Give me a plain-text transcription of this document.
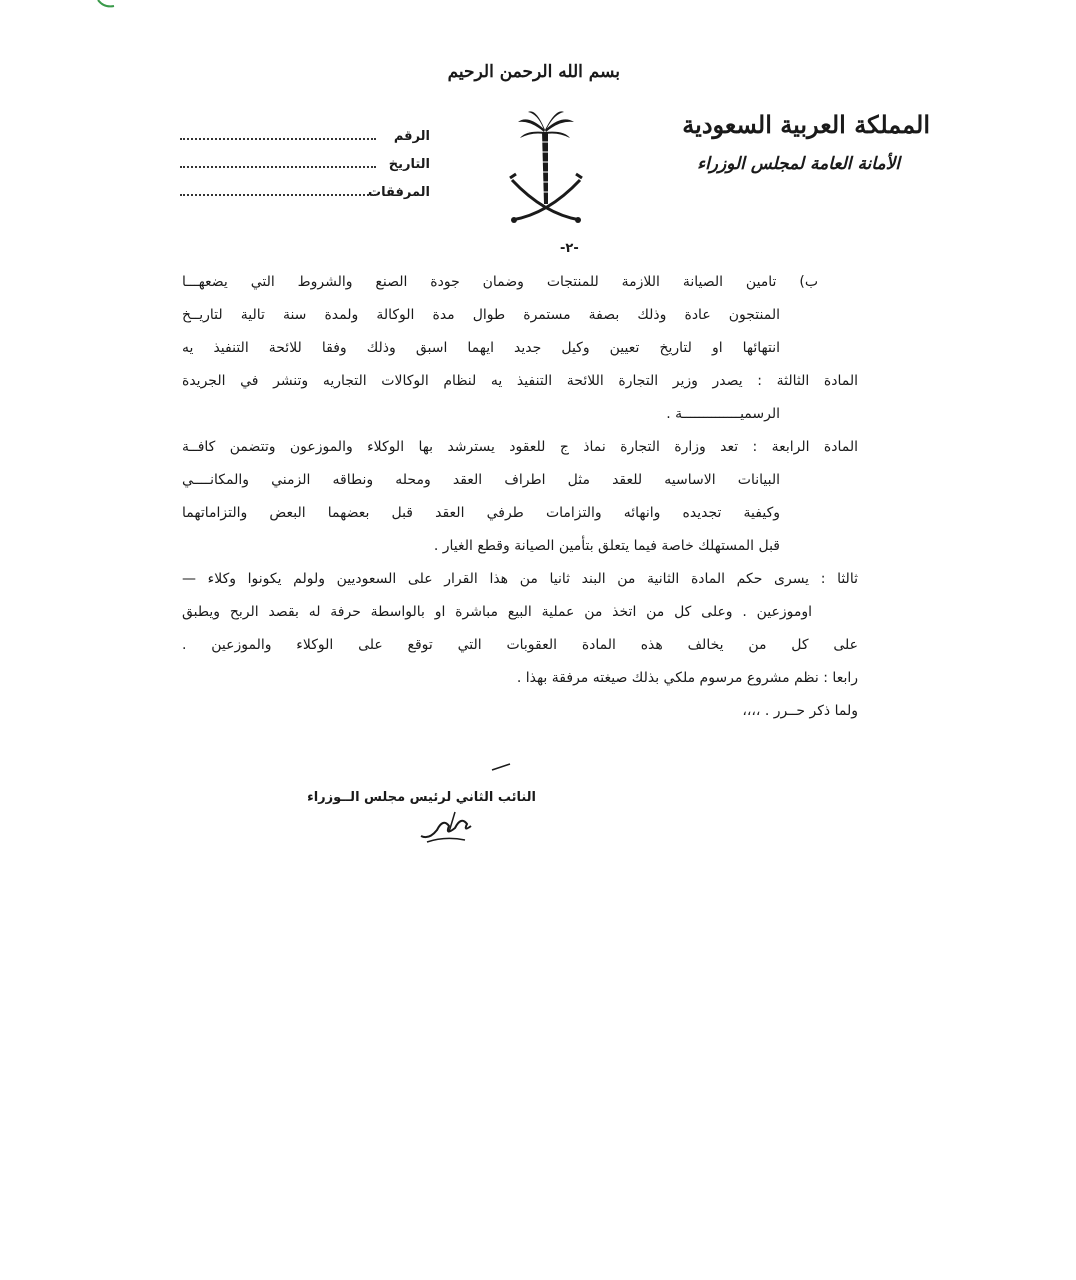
بسم الله الرحمن الرحيم
المملكة العربية السعودية
الأمانة العامة لمجلس الوزراء
الرقم
التاريخ
المرفقات
-٢-
ب) تامين الصيانة اللازمة للمنتجات وضمان جودة الصنع والشروط التي يضعهـــا
المنتجون عادة وذلك بصفة مستمرة طوال مدة الوكالة ولمدة سنة تالية لتاريــخ
انتهائها او لتاريخ تعيين وكيل جديد ايهما اسبق وذلك وفقا للائحة التنفيذ يه
المادة الثالثة : يصدر وزير التجارة اللائحة التنفيذ يه لنظام الوكالات التجاريه وتنشر في الجريدة
الرسميــــــــــــــة .
المادة الرابعة : تعد وزارة التجارة نماذ ج للعقود يسترشد بها الوكلاء والموزعون وتتضمن كافــة
البيانات الاساسيه للعقد مثل اطراف العقد ومحله ونطاقه الزمني والمكانــــي
وكيفية تجديده وانهائه والتزامات طرفي العقد قبل بعضهما البعض والتزاماتهما
قبل المستهلك خاصة فيما يتعلق بتأمين الصيانة وقطع الغيار .
ثالثا : يسرى حكم المادة الثانية من البند ثانيا من هذا القرار على السعوديين ولولم يكونوا وكلاء —
اوموزعين . وعلى كل من اتخذ من عملية البيع مباشرة او بالواسطة حرفة له بقصد الربح ويطبق
على كل من يخالف هذه المادة العقوبات التي توقع على الوكلاء والموزعين .
رابعا : نظم مشروع مرسوم ملكي بذلك صيغته مرفقة بهذا .
ولما ذكر حــرر . ،،،،
النائب الثاني لرئيس مجلس الــوزراء
